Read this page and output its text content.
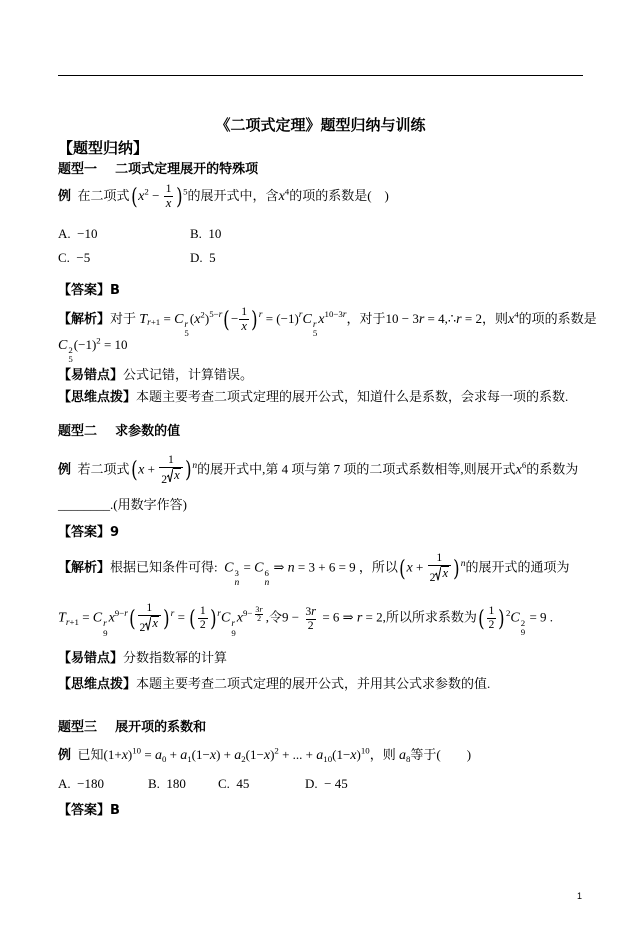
《二项式定理》题型归纳与训练
【题型归纳】
题型一    二项式定理展开的特殊项
例  在二项式$(x^2 - \frac{1}{x} )^5$的展开式中，含$x^4$的项的系数是(    )
A.  −10	B.  10
C.  −5	D.  5
【答案】B
【解析】对于 $T_{r+1} = C$ r
5
$(x^2)^{5-r}(- \frac{1}{x} )^r = (-1)^rC$ r
5
$x^{10-3r}$，对于10 − 3r = 4,∴r = 2，则$x^4$的项的系数是
C 2
5
$(-1)^2 = 10$
【易错点】公式记错，计算错误。
【思维点拨】本题主要考查二项式定理的展开公式，知道什么是系数，会求每一项的系数.
题型二    求参数的值
例  若二项式$(x + \frac{1}{2 x} )^n$的展开式中,第 4 项与第 7 项的二项式系数相等,则展开式$x^6$的系数为
________.(用数字作答)
【答案】9
【解析】根据已知条件可得:  C 3
n
= C 6
n
⇒ n = 3 + 6 = 9 ，所以$(x + \frac{1}{2 x} )^n$的展开式的通项为
$T_{r+1} = C$ r
9
$x^{9-r}( \frac{1}{2 x} )^r$ = ( $\frac{1}{2} )^rC$ r
9
$x^{9- \frac{3r}{2}}$ ,令$9 - \frac{3r}{2} = 6$ ⇒ r = 2,所以所求系数为( $\frac{1}{2} )^2C$ 2
9
= 9 .
【易错点】分数指数幂的计算
【思维点拨】本题主要考查二项式定理的展开公式，并用其公式求参数的值.
题型三    展开项的系数和
例  已知$(1+x)^{10} = a_0 + a_1(1-x) + a_2(1-x)^2$ + ... + $a_{10}(1-x)^{10}$，则 $a_8$等于(        )
A.  −180	B.  180 C.  45	D.  − 45
【答案】B
1
